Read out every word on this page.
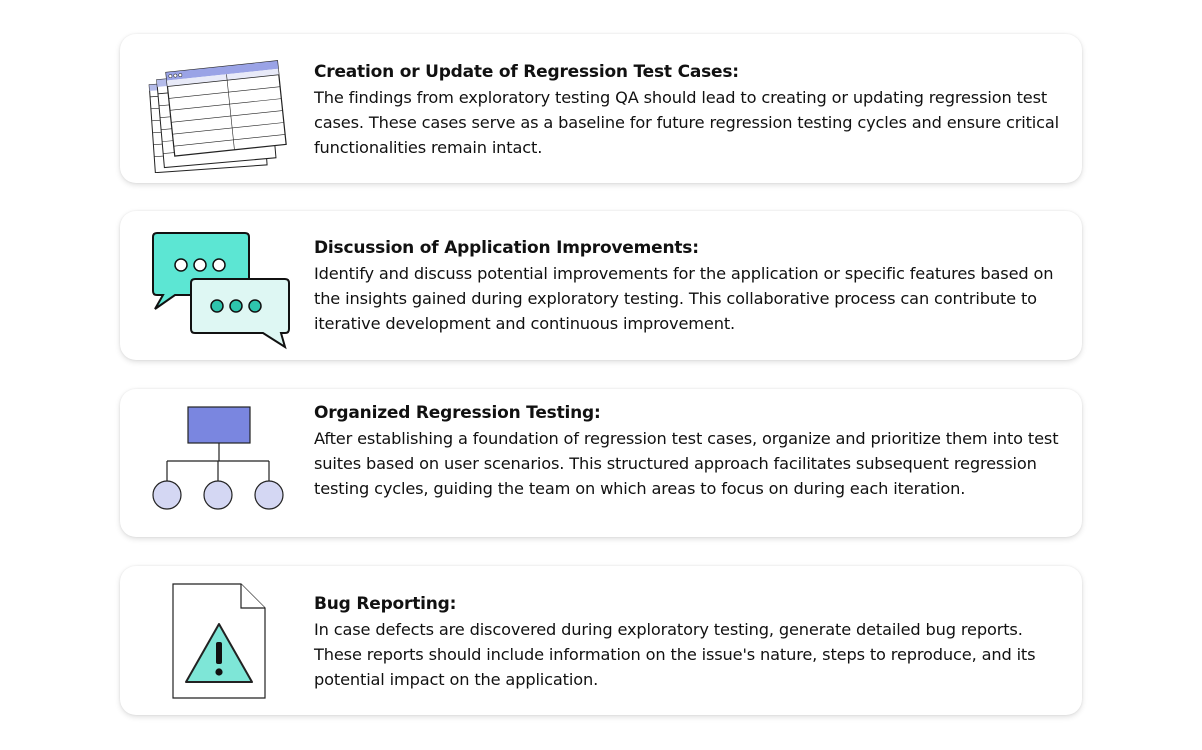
Creation or Update of Regression Test Cases:

The findings from exploratory testing QA should lead to creating or updating regression test cases. These cases serve as a baseline for future regression testing cycles and ensure critical functionalities remain intact.

Discussion of Application Improvements:

Identify and discuss potential improvements for the application or specific features based on the insights gained during exploratory testing. This collaborative process can contribute to iterative development and continuous improvement.

Organized Regression Testing:

After establishing a foundation of regression test cases, organize and prioritize them into test suites based on user scenarios. This structured approach facilitates subsequent regression testing cycles, guiding the team on which areas to focus on during each iteration.

Bug Reporting:

In case defects are discovered during exploratory testing, generate detailed bug reports. These reports should include information on the issue's nature, steps to reproduce, and its potential impact on the application.
